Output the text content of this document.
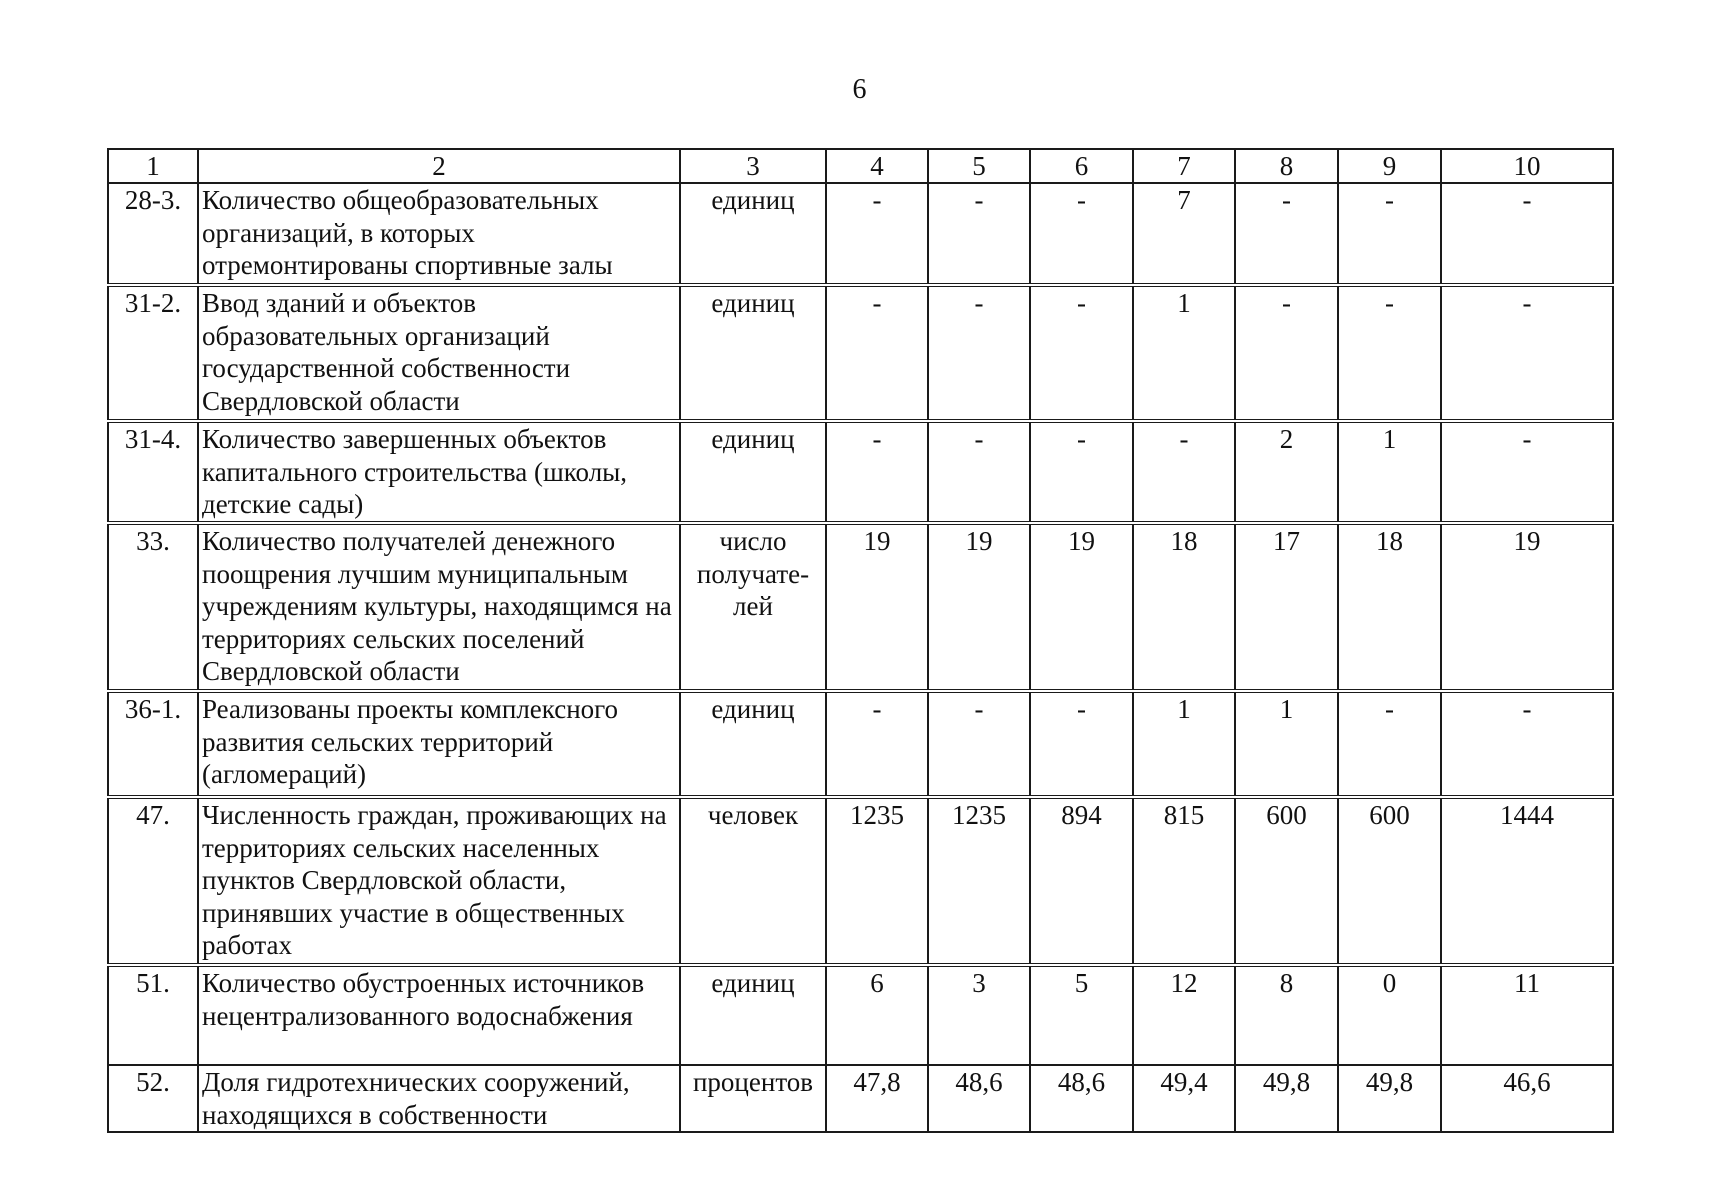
6
1	2	3	4	5	6	7	8	9	10
28-3.	Количество общеобразовательных организаций, в которых отремонтированы спортивные залы	единиц	-	-	-	7	-	-	-
31-2.	Ввод зданий и объектов образовательных организаций государственной собственности Свердловской области	единиц	-	-	-	1	-	-	-
31-4.	Количество завершенных объектов капитального строительства (школы, детские сады)	единиц	-	-	-	-	2	1	-
33.	Количество получателей денежного поощрения лучшим муниципальным учреждениям культуры, находящимся на территориях сельских поселений Свердловской области	число получате-лей	19	19	19	18	17	18	19
36-1.	Реализованы проекты комплексного развития сельских территорий (агломераций)	единиц	-	-	-	1	1	-	-
47.	Численность граждан, проживающих на территориях сельских населенных пунктов Свердловской области, принявших участие в общественных работах	человек	1235	1235	894	815	600	600	1444
51.	Количество обустроенных источников нецентрализованного водоснабжения	единиц	6	3	5	12	8	0	11
52.	Доля гидротехнических сооружений, находящихся в собственности	процентов	47,8	48,6	48,6	49,4	49,8	49,8	46,6
